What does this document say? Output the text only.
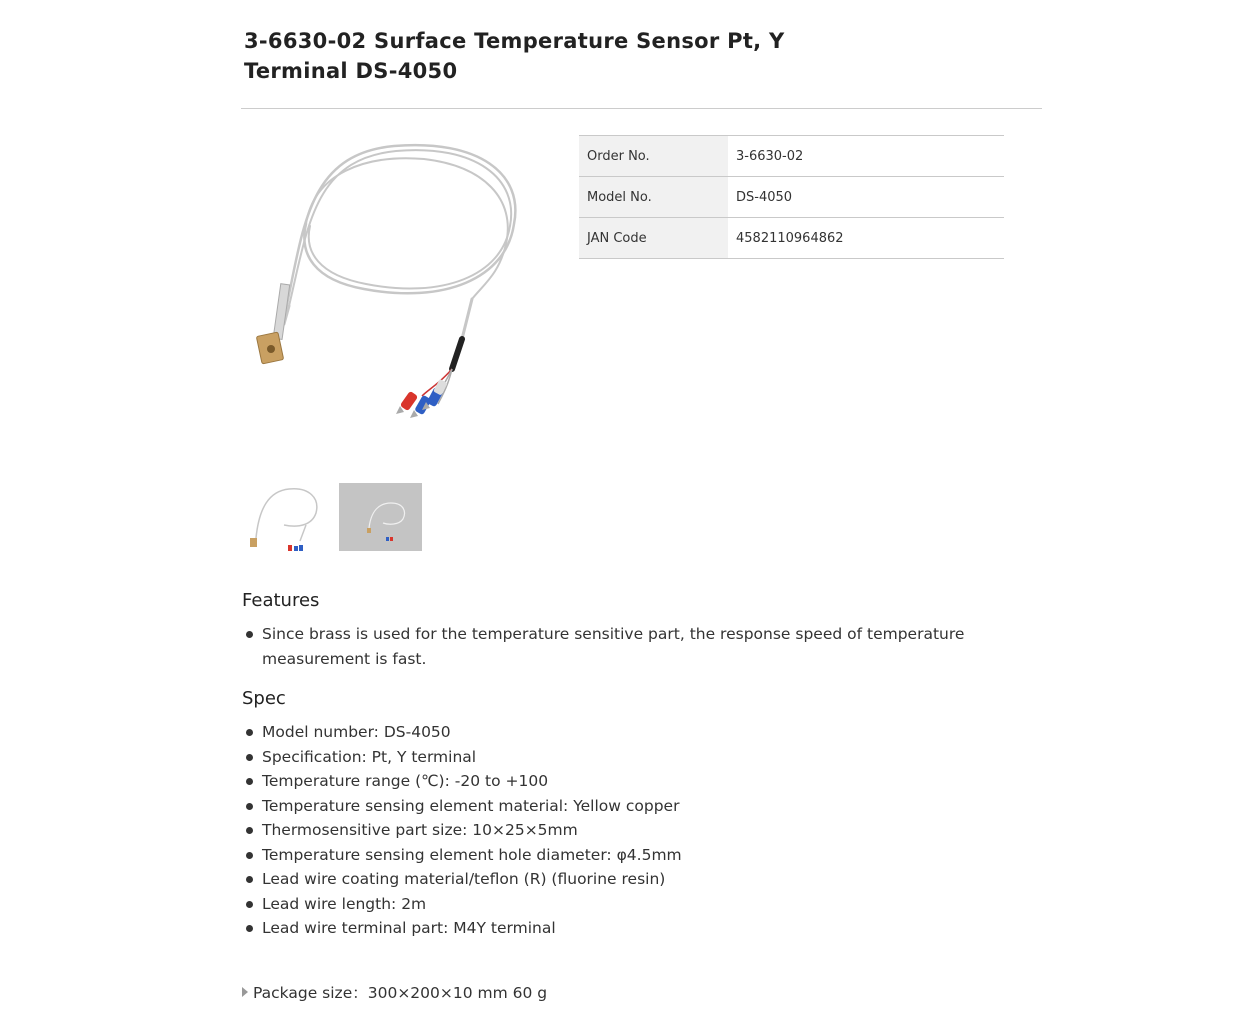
3-6630-02 Surface Temperature Sensor Pt, Y
Terminal DS-4050
Order No.	3-6630-02
Model No.	DS-4050
JAN Code	4582110964862
Features
Since brass is used for the temperature sensitive part, the response speed of temperature measurement is fast.
Spec
Model number: DS-4050
Specification: Pt, Y terminal
Temperature range (℃): -20 to +100
Temperature sensing element material: Yellow copper
Thermosensitive part size: 10×25×5mm
Temperature sensing element hole diameter: φ4.5mm
Lead wire coating material/teflon (R) (fluorine resin)
Lead wire length: 2m
Lead wire terminal part: M4Y terminal
Package size：300×200×10 mm 60 g
